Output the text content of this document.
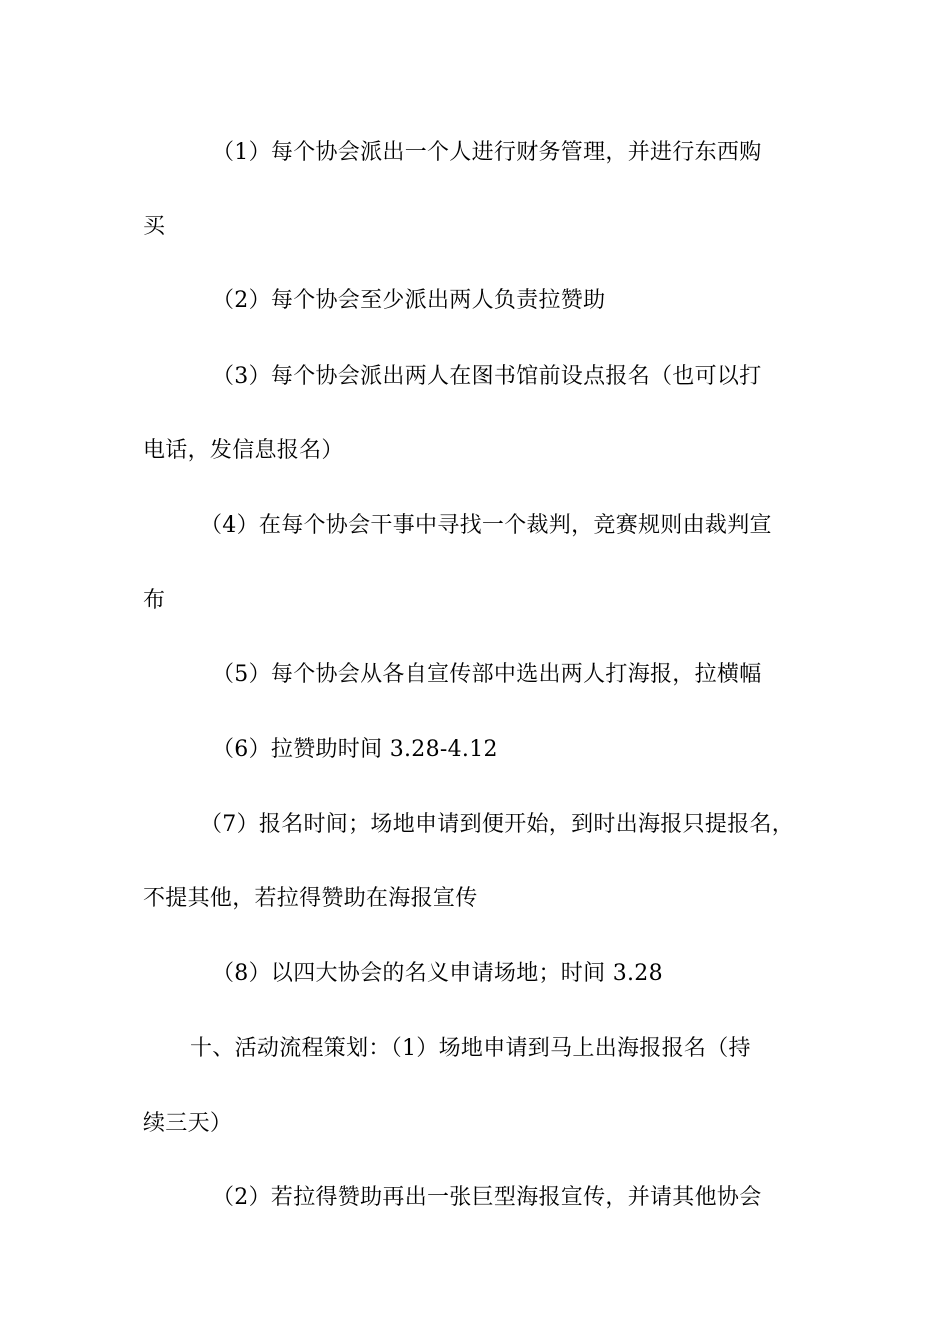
（1）每个协会派出一个人进行财务管理，并进行东西购
买
（2）每个协会至少派出两人负责拉赞助
（3）每个协会派出两人在图书馆前设点报名（也可以打
电话，发信息报名）
（4）在每个协会干事中寻找一个裁判，竞赛规则由裁判宣
布
（5）每个协会从各自宣传部中选出两人打海报，拉横幅
（6）拉赞助时间 3.28-4.12
（7）报名时间；场地申请到便开始，到时出海报只提报名，
不提其他，若拉得赞助在海报宣传
（8）以四大协会的名义申请场地；时间 3.28
十、活动流程策划：（1）场地申请到马上出海报报名（持
续三天）
（2）若拉得赞助再出一张巨型海报宣传，并请其他协会
